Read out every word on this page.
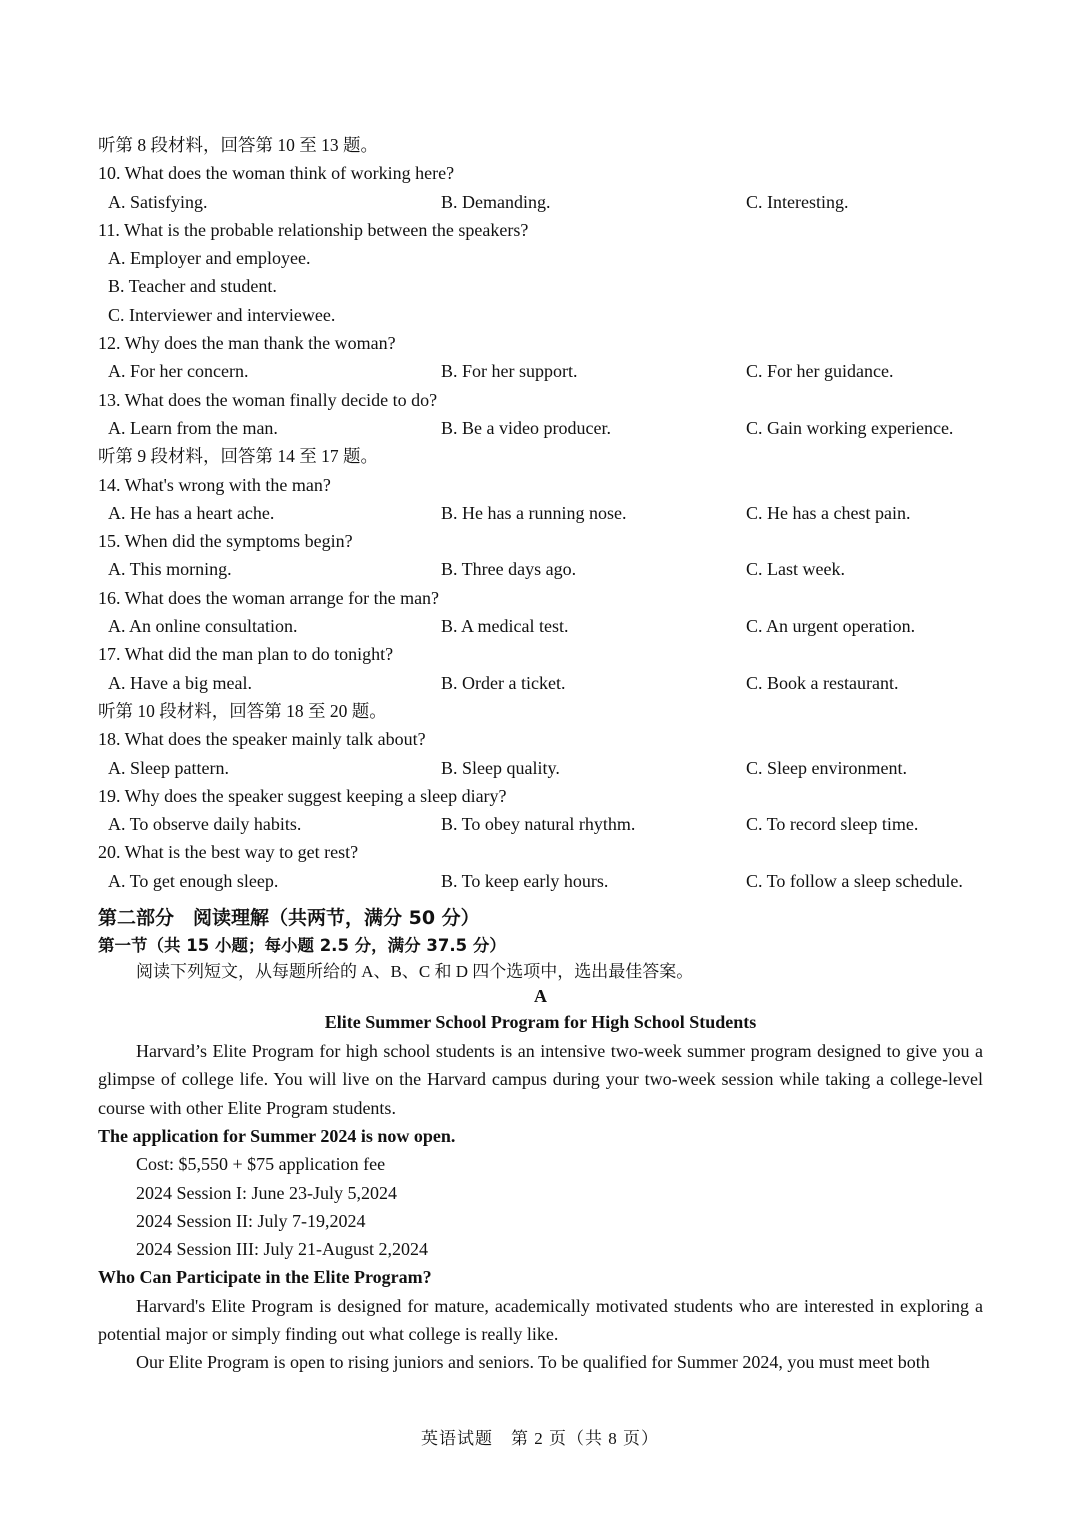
听第 8 段材料，回答第 10 至 13 题。
10. What does the woman think of working here?
A. Satisfying.	B. Demanding.	C. Interesting.
11. What is the probable relationship between the speakers?
A. Employer and employee.
B. Teacher and student.
C. Interviewer and interviewee.
12. Why does the man thank the woman?
A. For her concern.	B. For her support.	C. For her guidance.
13. What does the woman finally decide to do?
A. Learn from the man.	B. Be a video producer.	C. Gain working experience.
听第 9 段材料，回答第 14 至 17 题。
14. What's wrong with the man?
A. He has a heart ache.	B. He has a running nose.	C. He has a chest pain.
15. When did the symptoms begin?
A. This morning.	B. Three days ago.	C. Last week.
16. What does the woman arrange for the man?
A. An online consultation.	B. A medical test.	C. An urgent operation.
17. What did the man plan to do tonight?
A. Have a big meal.	B. Order a ticket.	C. Book a restaurant.
听第 10 段材料，回答第 18 至 20 题。
18. What does the speaker mainly talk about?
A. Sleep pattern.	B. Sleep quality.	C. Sleep environment.
19. Why does the speaker suggest keeping a sleep diary?
A. To observe daily habits.	B. To obey natural rhythm.	C. To record sleep time.
20. What is the best way to get rest?
A. To get enough sleep.	B. To keep early hours.	C. To follow a sleep schedule.
第二部分　阅读理解（共两节，满分 50 分）
第一节（共 15 小题；每小题 2.5 分，满分 37.5 分）
阅读下列短文，从每题所给的 A、B、C 和 D 四个选项中，选出最佳答案。
A
Elite Summer School Program for High School Students
Harvard’s Elite Program for high school students is an intensive two-week summer program designed to give you a glimpse of college life. You will live on the Harvard campus during your two-week session while taking a college-level course with other Elite Program students.
The application for Summer 2024 is now open.
Cost: $5,550 + $75 application fee
2024 Session I: June 23-July 5,2024
2024 Session II: July 7-19,2024
2024 Session III: July 21-August 2,2024
Who Can Participate in the Elite Program?
Harvard's Elite Program is designed for mature, academically motivated students who are interested in exploring a potential major or simply finding out what college is really like.
Our Elite Program is open to rising juniors and seniors. To be qualified for Summer 2024, you must meet both
英语试题　第 2 页（共 8 页）
